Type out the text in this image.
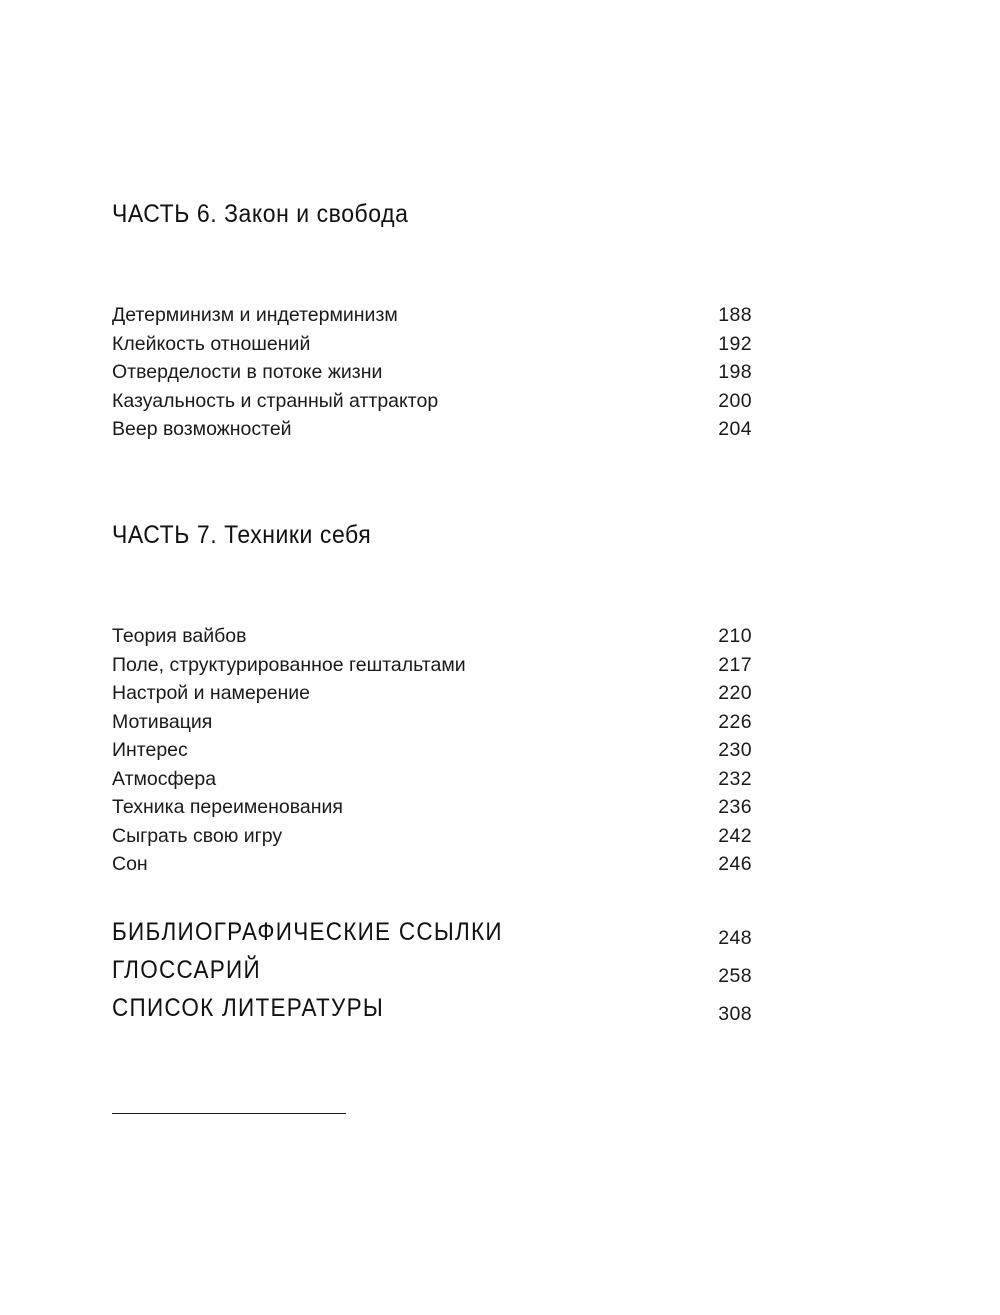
ЧАСТЬ 6. Закон и свобода
Детерминизм и индетерминизм	188
Клейкость отношений	192
Отверделости в потоке жизни	198
Казуальность и странный аттрактор	200
Веер возможностей	204
ЧАСТЬ 7. Техники себя
Теория вайбов	210
Поле, структурированное гештальтами	217
Настрой и намерение	220
Мотивация	226
Интерес	230
Атмосфера	232
Техника переименования	236
Сыграть свою игру	242
Сон	246
БИБЛИОГРАФИЧЕСКИЕ ССЫЛКИ	248
ГЛОССАРИЙ	258
СПИСОК ЛИТЕРАТУРЫ	308
